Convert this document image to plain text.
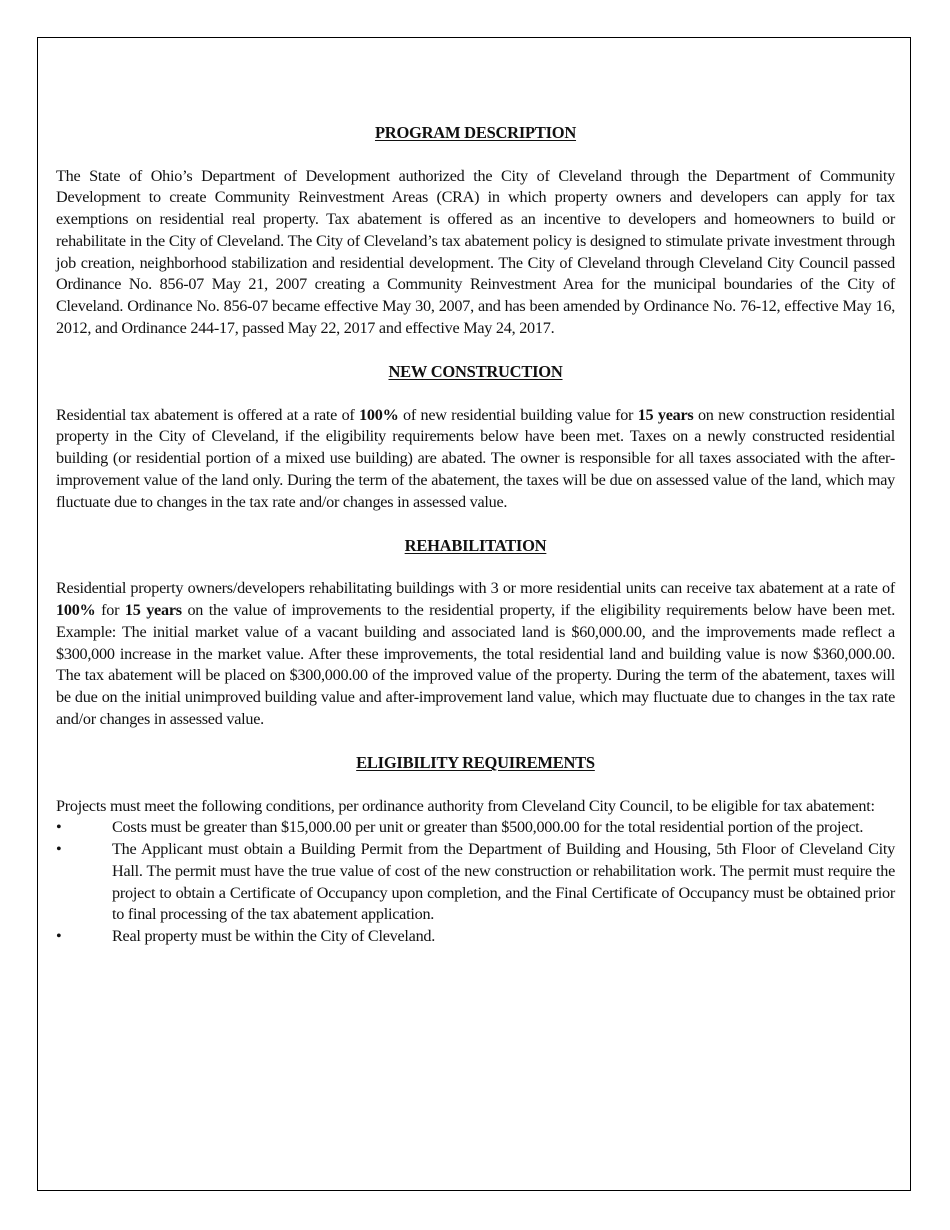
PROGRAM DESCRIPTION

The State of Ohio’s Department of Development authorized the City of Cleveland through the Department of Community Development to create Community Reinvestment Areas (CRA) in which property owners and developers can apply for tax exemptions on residential real property. Tax abatement is offered as an incentive to developers and homeowners to build or rehabilitate in the City of Cleveland. The City of Cleveland’s tax abatement policy is designed to stimulate private investment through job creation, neighborhood stabilization and residential development. The City of Cleveland through Cleveland City Council passed Ordinance No. 856-07 May 21, 2007 creating a Community Reinvestment Area for the municipal boundaries of the City of Cleveland. Ordinance No. 856-07 became effective May 30, 2007, and has been amended by Ordinance No. 76-12, effective May 16, 2012, and Ordinance 244-17, passed May 22, 2017 and effective May 24, 2017.

NEW CONSTRUCTION

Residential tax abatement is offered at a rate of 100% of new residential building value for 15 years on new construction residential property in the City of Cleveland, if the eligibility requirements below have been met. Taxes on a newly constructed residential building (or residential portion of a mixed use building) are abated. The owner is responsible for all taxes associated with the after-improvement value of the land only. During the term of the abatement, the taxes will be due on assessed value of the land, which may fluctuate due to changes in the tax rate and/or changes in assessed value.

REHABILITATION

Residential property owners/developers rehabilitating buildings with 3 or more residential units can receive tax abatement at a rate of 100% for 15 years on the value of improvements to the residential property, if the eligibility requirements below have been met. Example: The initial market value of a vacant building and associated land is $60,000.00, and the improvements made reflect a $300,000 increase in the market value. After these improvements, the total residential land and building value is now $360,000.00. The tax abatement will be placed on $300,000.00 of the improved value of the property. During the term of the abatement, taxes will be due on the initial unimproved building value and after-improvement land value, which may fluctuate due to changes in the tax rate and/or changes in assessed value.

ELIGIBILITY REQUIREMENTS

Projects must meet the following conditions, per ordinance authority from Cleveland City Council, to be eligible for tax abatement:

•	Costs must be greater than $15,000.00 per unit or greater than $500,000.00 for the total residential portion of the project.
•	The Applicant must obtain a Building Permit from the Department of Building and Housing, 5th Floor of Cleveland City Hall. The permit must have the true value of cost of the new construction or rehabilitation work. The permit must require the project to obtain a Certificate of Occupancy upon completion, and the Final Certificate of Occupancy must be obtained prior to final processing of the tax abatement application.
•	Real property must be within the City of Cleveland.
